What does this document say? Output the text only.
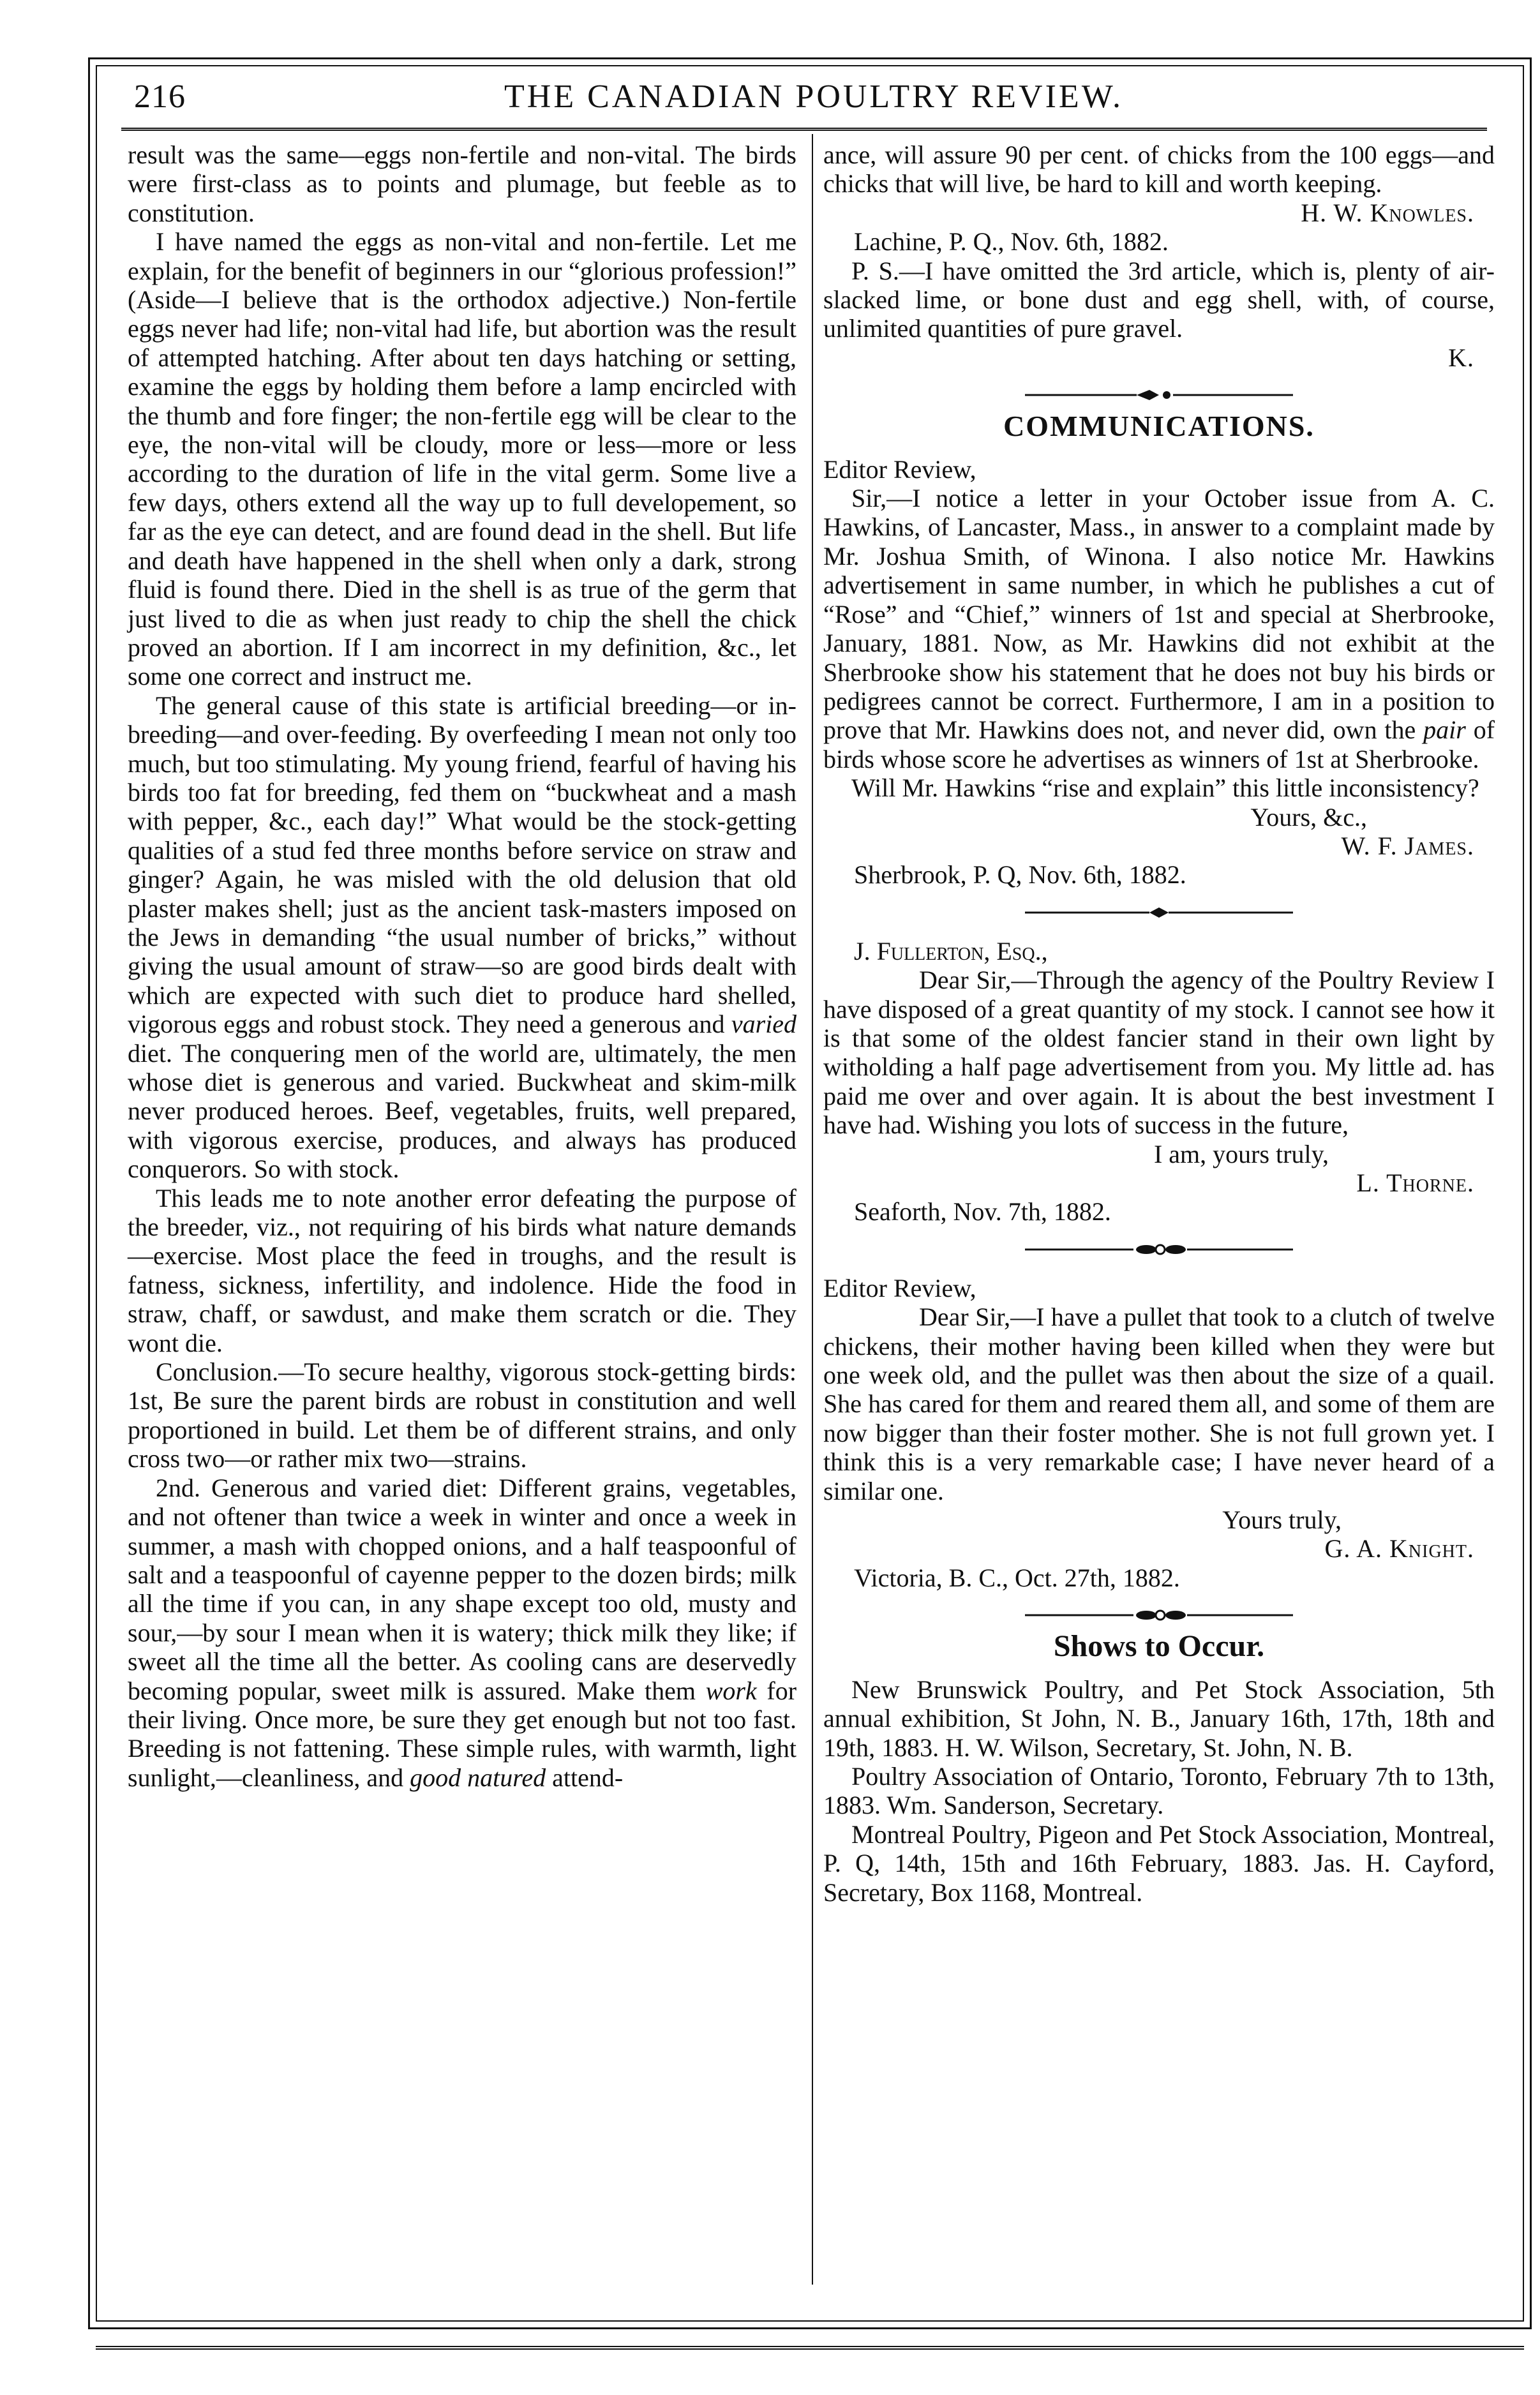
216	THE CANADIAN POULTRY REVIEW.

result was the same—eggs non-fertile and non-vital. The birds were first-class as to points and plumage, but feeble as to constitution.

I have named the eggs as non-vital and non-fertile. Let me explain, for the benefit of beginners in our “glorious profession!” (Aside—I believe that is the orthodox adjective.) Non-fertile eggs never had life; non-vital had life, but abortion was the result of attempted hatching. After about ten days hatching or setting, examine the eggs by holding them before a lamp encircled with the thumb and fore finger; the non-fertile egg will be clear to the eye, the non-vital will be cloudy, more or less—more or less according to the duration of life in the vital germ. Some live a few days, others extend all the way up to full developement, so far as the eye can detect, and are found dead in the shell. But life and death have happened in the shell when only a dark, strong fluid is found there. Died in the shell is as true of the germ that just lived to die as when just ready to chip the shell the chick proved an abortion. If I am incorrect in my definition, &c., let some one correct and instruct me.

The general cause of this state is artificial breeding—or in-breeding—and over-feeding. By overfeeding I mean not only too much, but too stimulating. My young friend, fearful of having his birds too fat for breeding, fed them on “buckwheat and a mash with pepper, &c., each day!” What would be the stock-getting qualities of a stud fed three months before service on straw and ginger? Again, he was misled with the old delusion that old plaster makes shell; just as the ancient task-masters imposed on the Jews in demanding “the usual number of bricks,” without giving the usual amount of straw—so are good birds dealt with which are expected with such diet to produce hard shelled, vigorous eggs and robust stock. They need a generous and varied diet. The conquering men of the world are, ultimately, the men whose diet is generous and varied. Buckwheat and skim-milk never produced heroes. Beef, vegetables, fruits, well prepared, with vigorous exercise, produces, and always has produced conquerors. So with stock.

This leads me to note another error defeating the purpose of the breeder, viz., not requiring of his birds what nature demands—exercise. Most place the feed in troughs, and the result is fatness, sickness, infertility, and indolence. Hide the food in straw, chaff, or sawdust, and make them scratch or die. They wont die.

Conclusion.—To secure healthy, vigorous stock-getting birds: 1st, Be sure the parent birds are robust in constitution and well proportioned in build. Let them be of different strains, and only cross two—or rather mix two—strains.

2nd. Generous and varied diet: Different grains, vegetables, and not oftener than twice a week in winter and once a week in summer, a mash with chopped onions, and a half teaspoonful of salt and a teaspoonful of cayenne pepper to the dozen birds; milk all the time if you can, in any shape except too old, musty and sour,—by sour I mean when it is watery; thick milk they like; if sweet all the time all the better. As cooling cans are deservedly becoming popular, sweet milk is assured. Make them work for their living. Once more, be sure they get enough but not too fast. Breeding is not fattening. These simple rules, with warmth, light sunlight,—cleanliness, and good natured attend-

ance, will assure 90 per cent. of chicks from the 100 eggs—and chicks that will live, be hard to kill and worth keeping.

H. W. Knowles.
Lachine, P. Q., Nov. 6th, 1882.

P. S.—I have omitted the 3rd article, which is, plenty of air-slacked lime, or bone dust and egg shell, with, of course, unlimited quantities of pure gravel.

K.
COMMUNICATIONS.
Editor Review,

Sir,—I notice a letter in your October issue from A. C. Hawkins, of Lancaster, Mass., in answer to a complaint made by Mr. Joshua Smith, of Winona. I also notice Mr. Hawkins advertisement in same number, in which he publishes a cut of “Rose” and “Chief,” winners of 1st and special at Sherbrooke, January, 1881. Now, as Mr. Hawkins did not exhibit at the Sherbrooke show his statement that he does not buy his birds or pedigrees cannot be correct. Furthermore, I am in a position to prove that Mr. Hawkins does not, and never did, own the pair of birds whose score he advertises as winners of 1st at Sherbrooke.

Will Mr. Hawkins “rise and explain” this little inconsistency?

Yours, &c.,
W. F. James.
Sherbrook, P. Q, Nov. 6th, 1882.
J. Fullerton, Esq.,

Dear Sir,—Through the agency of the Poultry Review I have disposed of a great quantity of my stock. I cannot see how it is that some of the oldest fancier stand in their own light by witholding a half page advertisement from you. My little ad. has paid me over and over again. It is about the best investment I have had. Wishing you lots of success in the future,

I am, yours truly,
L. Thorne.
Seaforth, Nov. 7th, 1882.
Editor Review,

Dear Sir,—I have a pullet that took to a clutch of twelve chickens, their mother having been killed when they were but one week old, and the pullet was then about the size of a quail. She has cared for them and reared them all, and some of them are now bigger than their foster mother. She is not full grown yet. I think this is a very remarkable case; I have never heard of a similar one.

Yours truly,
G. A. Knight.
Victoria, B. C., Oct. 27th, 1882.
Shows to Occur.

New Brunswick Poultry, and Pet Stock Association, 5th annual exhibition, St John, N. B., January 16th, 17th, 18th and 19th, 1883. H. W. Wilson, Secretary, St. John, N. B.

Poultry Association of Ontario, Toronto, February 7th to 13th, 1883. Wm. Sanderson, Secretary.

Montreal Poultry, Pigeon and Pet Stock Association, Montreal, P. Q, 14th, 15th and 16th February, 1883. Jas. H. Cayford, Secretary, Box 1168, Montreal.
